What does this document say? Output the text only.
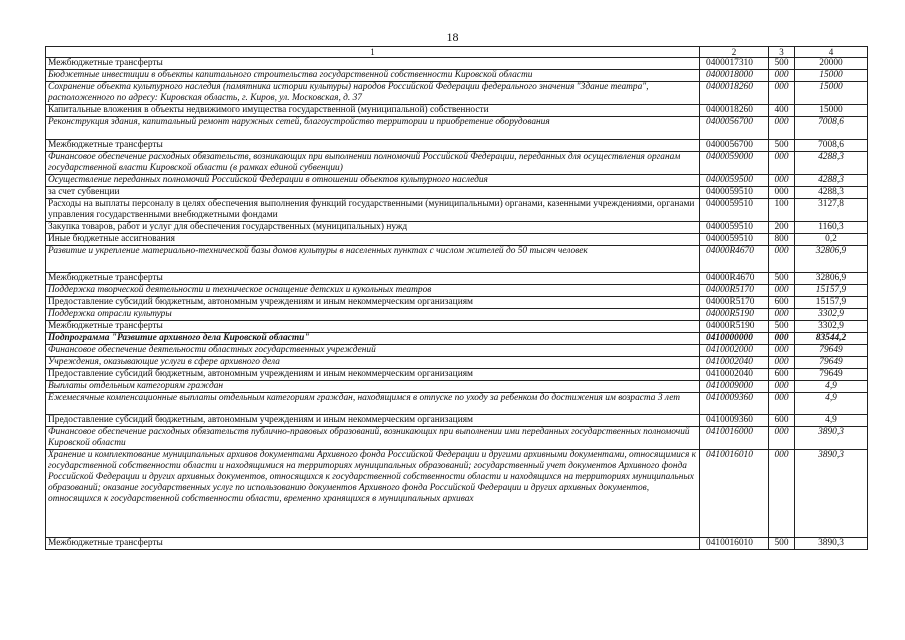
18
1	2	3	4
Межбюджетные трансферты	0400017310	500	20000
Бюджетные инвестиции в объекты капитального строительства государственной собственности Кировской области	0400018000	000	15000
Сохранение объекта культурного наследия (памятника истории культуры) народов Российской Федерации федерального значения "Здание театра", расположенного по адресу: Кировская область, г. Киров, ул. Московская, д. 37	0400018260	000	15000
Капитальные вложения в объекты недвижимого имущества государственной (муниципальной) собственности	0400018260	400	15000
Реконструкция здания, капитальный ремонт наружных сетей, благоустройство территории и приобретение оборудования	0400056700	000	7008,6
Межбюджетные трансферты	0400056700	500	7008,6
Финансовое обеспечение расходных обязательств, возникающих при выполнении полномочий Российской Федерации, переданных для осуществления органам государственной власти Кировской области (в рамках единой субвенции)	0400059000	000	4288,3
Осуществление переданных полномочий Российской Федерации в отношении объектов культурного наследия	0400059500	000	4288,3
за счет субвенции	0400059510	000	4288,3
Расходы на выплаты персоналу в целях обеспечения выполнения функций государственными (муниципальными) органами, казенными учреждениями, органами управления государственными внебюджетными фондами	0400059510	100	3127,8
Закупка товаров, работ и услуг для обеспечения государственных (муниципальных) нужд	0400059510	200	1160,3
Иные бюджетные ассигнования	0400059510	800	0,2
Развитие и укрепление материально-технической базы домов культуры в населенных пунктах с числом жителей до 50 тысяч человек	04000R4670	000	32806,9
Межбюджетные трансферты	04000R4670	500	32806,9
Поддержка творческой деятельности и техническое оснащение детских и кукольных театров	04000R5170	000	15157,9
Предоставление субсидий бюджетным, автономным учреждениям и иным некоммерческим организациям	04000R5170	600	15157,9
Поддержка отрасли культуры	04000R5190	000	3302,9
Межбюджетные трансферты	04000R5190	500	3302,9
Подпрограмма "Развитие архивного дела Кировской области"	0410000000	000	83544,2
Финансовое обеспечение деятельности областных государственных учреждений	0410002000	000	79649
Учреждения, оказывающие услуги в сфере архивного дела	0410002040	000	79649
Предоставление субсидий бюджетным, автономным учреждениям и иным некоммерческим организациям	0410002040	600	79649
Выплаты отдельным категориям граждан	0410009000	000	4,9
Ежемесячные компенсационные выплаты отдельным категориям граждан, находящимся в отпуске по уходу за ребенком до достижения им возраста 3 лет	0410009360	000	4,9
Предоставление субсидий бюджетным, автономным учреждениям и иным некоммерческим организациям	0410009360	600	4,9
Финансовое обеспечение расходных обязательств публично-правовых образований, возникающих при выполнении ими переданных государственных полномочий Кировской области	0410016000	000	3890,3
Хранение и комплектование муниципальных архивов документами Архивного фонда Российской Федерации и другими архивными документами, относящимися к государственной собственности области и находящимися на территориях муниципальных образований; государственный учет документов Архивного фонда Российской Федерации и других архивных документов, относящихся к государственной собственности области и находящихся на территориях муниципальных образований; оказание государственных услуг по использованию документов Архивного фонда Российской Федерации и других архивных документов, относящихся к государственной собственности области, временно хранящихся в муниципальных архивах	0410016010	000	3890,3
Межбюджетные трансферты	0410016010	500	3890,3
